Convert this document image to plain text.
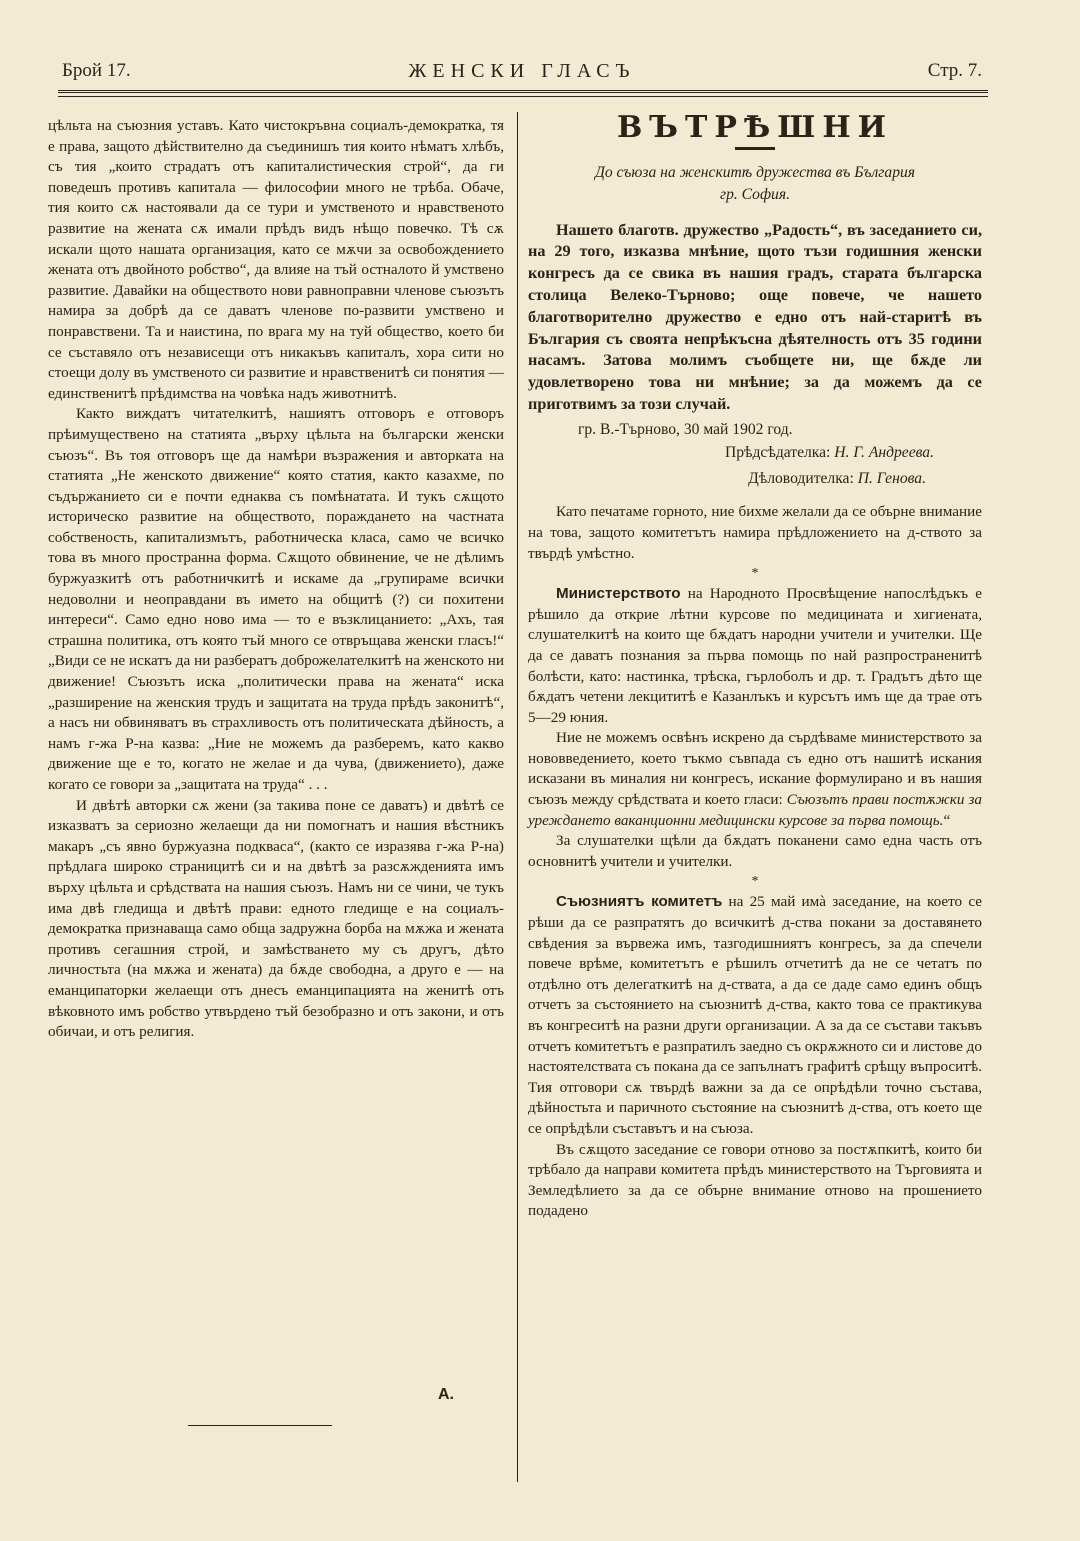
Брой 17.	ЖЕНСКИ ГЛАСЪ	Стр. 7.

цѣльта на съюзния уставъ. Като чистокръвна социалъ-демократка, тя е права, защото дѣйствително да съединишъ тия които нѣматъ хлѣбъ, съ тия „които страдатъ отъ капиталистическия строй“, да ги поведешъ противъ капитала — философии много не трѣба. Обаче, тия които сѫ настоявали да се тури и умственото и нравственото развитие на жената сѫ имали прѣдъ видъ нѣщо повечко. Тѣ сѫ искали щото нашата организация, като се мѫчи за освобождението жената отъ двойното робство“, да влияе на тъй остналото й умствено развитие. Давайки на обществото нови равноправни членове съюзътъ намира за добрѣ да се даватъ членове по-развити умствено и понравствени. Та и наистина, по врага му на туй общество, което би се съставяло отъ независещи отъ никакъвъ капиталъ, хора сити но стоещи долу въ умственото си развитие и нравственитѣ си понятия — единственитѣ прѣдимства на човѣка надъ животнитѣ.

Както виждатъ читателкитѣ, нашиятъ отговоръ е отговоръ прѣимуществено на статията „върху цѣльта на български женски съюзъ“. Въ тоя отговоръ ще да намѣри възражения и авторката на статията „Не женското движение“ която статия, както казахме, по съдържанието си е почти еднаква съ помѣнатата. И тукъ сѫщото историческо развитие на обществото, пораждането на частната собственость, капитализмътъ, работническа класа, само че всичко това въ много пространна форма. Сѫщото обвинение, че не дѣлимъ буржуазкитѣ отъ работничкитѣ и искаме да „групираме всички недоволни и неоправдани въ името на общитѣ (?) си похитени интереси“. Само едно ново има — то е възклицанието: „Ахъ, тая страшна политика, отъ която тъй много се отвръщава женски гласъ!“ „Види се не искатъ да ни разбератъ доброжелателкитѣ на женското ни движение! Съюзътъ иска „политически права на жената“ иска „разширение на женския трудъ и защитата на труда прѣдъ законитѣ“, а насъ ни обвиняватъ въ страхливость отъ политическата дѣйность, а намъ г-жа Р-на казва: „Ние не можемъ да разберемъ, като какво движение ще е то, когато не желае и да чува, (движението), даже когато се говори за „защитата на труда“ . . .

И двѣтѣ авторки сѫ жени (за такива поне се даватъ) и двѣтѣ се изказватъ за сериозно желаещи да ни помогнатъ и нашия вѣстникъ макаръ „съ явно буржуазна подкваса“, (както се изразява г-жа Р-на) прѣдлага широко страницитѣ си и на двѣтѣ за разсѫжденията имъ върху цѣльта и срѣдствата на нашия съюзъ. Намъ ни се чини, че тукъ има двѣ гледища и двѣтѣ прави: едното гледище е на социалъ-демократка признаваща само обща задружна борба на мѫжа и жената противъ сегашния строй, и замѣстването му съ другъ, дѣто личностьта (на мѫжа и жената) да бѫде свободна, а друго е — на еманципаторки желаещи отъ днесъ еманципацията на женитѣ отъ вѣковното имъ робство утвърдено тъй безобразно и отъ закони, и отъ обичаи, и отъ религия.

А.
ВЪТРѢШНИ
До съюза на женскитѣ дружества въ България
гр. София.
Нашето благотв. дружество „Радость“, въ заседанието си, на 29 того, изказва мнѣние, щото тъзи годишния женски конгресъ да се свика въ нашия градъ, старата българска столица Велеко-Търново; още повече, че нашето благотворително дружество е едно отъ най-старитѣ въ България съ своята непрѣкъсна дѣятелность отъ 35 години насамъ. Затова молимъ съобщете ни, ще бѫде ли удовлетворено това ни мнѣние; за да можемъ да се приготвимъ за този случай.
гр. В.-Търново, 30 май 1902 год.
Прѣдсѣдателка: Н. Г. Андреева.
Дѣловодителка: П. Генова.

Като печатаме горното, ние бихме желали да се обърне внимание на това, защото комитетътъ намира прѣдложението на д-ството за твърдѣ умѣстно.

*

Министерството на Народното Просвѣщение напослѣдъкъ е рѣшило да открие лѣтни курсове по медицината и хигиената, слушателкитѣ на които ще бѫдатъ народни учители и учителки. Ще да се даватъ познания за първа помощь по най разпространенитѣ болѣсти, като: настинка, трѣска, гърлоболъ и др. т. Градътъ дѣто ще бѫдатъ четени лекцититѣ е Казанлъкъ и курсътъ имъ ще да трае отъ 5—29 юния.

Ние не можемъ освѣнъ искрено да сърдѣваме министерството за нововведението, което тъкмо съвпада съ едно отъ нашитѣ искания исказани въ миналия ни конгресъ, искание формулирано и въ нашия съюзъ между срѣдствата и което гласи: Съюзътъ прави постѫжки за уреждането ваканционни медицински курсове за първа помощь.“

За слушателки щѣли да бѫдатъ поканени само една часть отъ основнитѣ учители и учителки.

*

Съюзниятъ комитетъ на 25 май имà заседание, на което се рѣши да се разпратятъ до всичкитѣ д-ства покани за доставянето свѣдения за вървежа имъ, тазгодишниятъ конгресъ, за да спечели повече врѣме, комитетътъ е рѣшилъ отчетитѣ да не се четатъ по отдѣлно отъ делегаткитѣ на д-ствата, а да се даде само единъ общъ отчетъ за състоянието на съюзнитѣ д-ства, както това се практикува въ конгреситѣ на разни други организации. А за да се състави такъвъ отчетъ комитетътъ е разпратилъ заедно съ окрѫжното си и листове до настоятелствата съ покана да се запълнатъ графитѣ срѣщу въпроситѣ. Тия отговори сѫ твърдѣ важни за да се опрѣдѣли точно състава, дѣйностьта и паричното състояние на съюзнитѣ д-ства, отъ което ще се опрѣдѣли съставътъ и на съюза.

Въ сѫщото заседание се говори отново за постѫпкитѣ, които би трѣбало да направи комитета прѣдъ министерството на Търговията и Земледѣлието за да се обърне внимание отново на прошението подадено
